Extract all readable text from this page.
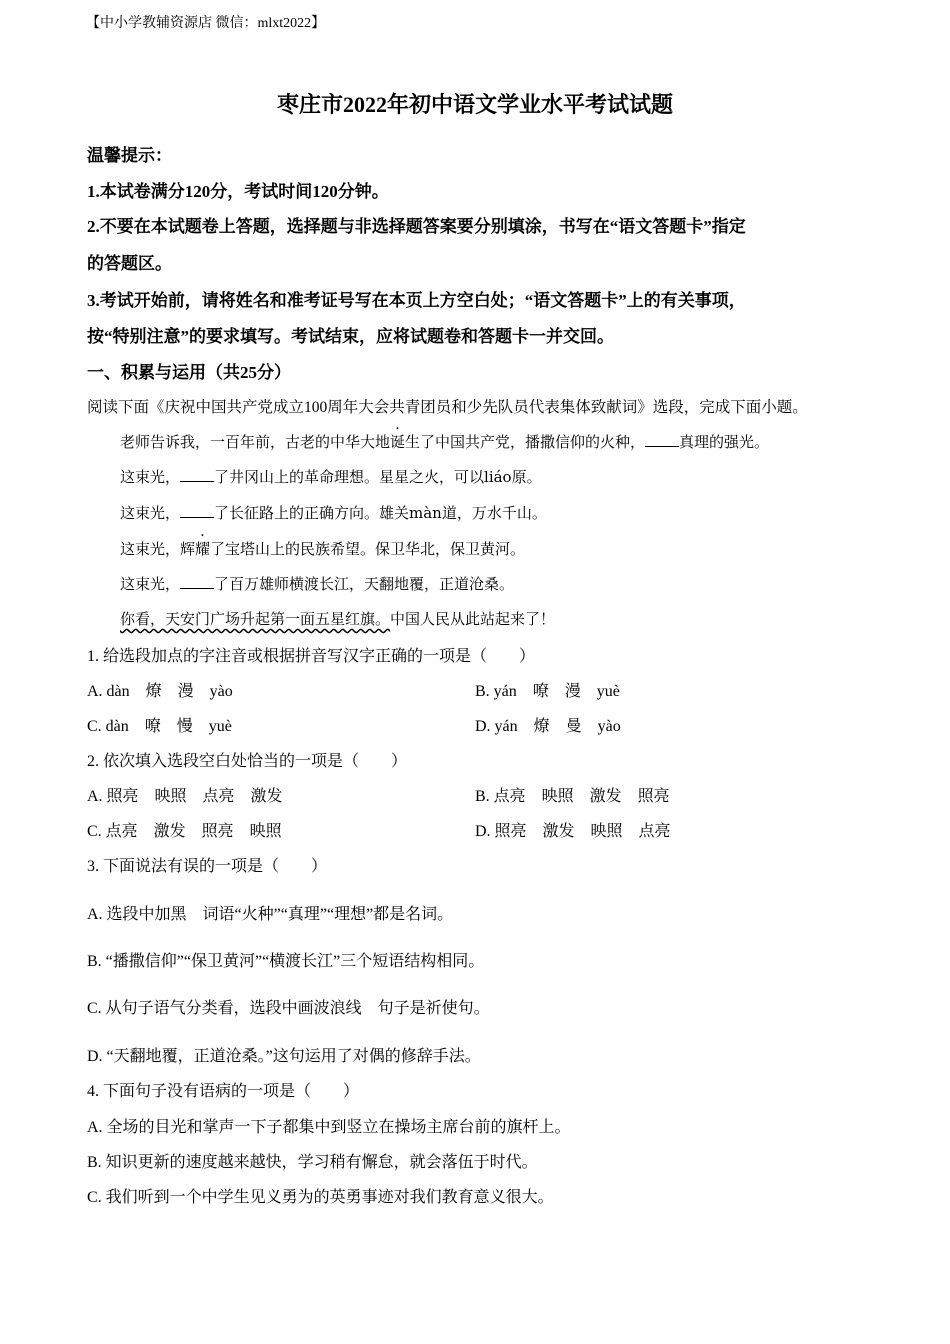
【中小学教辅资源店 微信：mlxt2022】
枣庄市2022年初中语文学业水平考试试题
温馨提示：
1.本试卷满分120分，考试时间120分钟。
2.不要在本试题卷上答题，选择题与非选择题答案要分别填涂，书写在“语文答题卡”指定
的答题区。
3.考试开始前，请将姓名和准考证号写在本页上方空白处；“语文答题卡”上的有关事项，
按“特别注意”的要求填写。考试结束，应将试题卷和答题卡一并交回。
一、积累与运用（共25分）
阅读下面《庆祝中国共产党成立100周年大会共青团员和少先队员代表集体致献词》选段，完成下面小题。
老师告诉我，一百年前，古老的中华大地诞生了中国共产党，播撒信仰的火种， 真理的强光。
这束光， 了井冈山上的革命理想。星星之火，可以liáo原。
这束光， 了长征路上的正确方向。雄关màn道，万水千山。
这束光，辉耀了宝塔山上的民族希望。保卫华北，保卫黄河。
这束光， 了百万雄师横渡长江，天翻地覆，正道沧桑。
你看，天安门广场升起第一面五星红旗。中国人民从此站起来了！
1. 给选段加点的字注音或根据拼音写汉字正确的一项是（　　）
A. dàn　燎　漫　yào	B. yán　嘹　漫　yuè
C. dàn　嘹　慢　yuè	D. yán　燎　曼　yào
2. 依次填入选段空白处恰当的一项是（　　）
A. 照亮　映照　点亮　激发	B. 点亮　映照　激发　照亮
C. 点亮　激发　照亮　映照	D. 照亮　激发　映照　点亮
3. 下面说法有误的一项是（　　）
A. 选段中加黑　词语“火种”“真理”“理想”都是名词。
B. “播撒信仰”“保卫黄河”“横渡长江”三个短语结构相同。
C. 从句子语气分类看，选段中画波浪线　句子是祈使句。
D. “天翻地覆，正道沧桑。”这句运用了对偶的修辞手法。
4. 下面句子没有语病的一项是（　　）
A. 全场的目光和掌声一下子都集中到竖立在操场主席台前的旗杆上。
B. 知识更新的速度越来越快，学习稍有懈怠，就会落伍于时代。
C. 我们听到一个中学生见义勇为的英勇事迹对我们教育意义很大。
